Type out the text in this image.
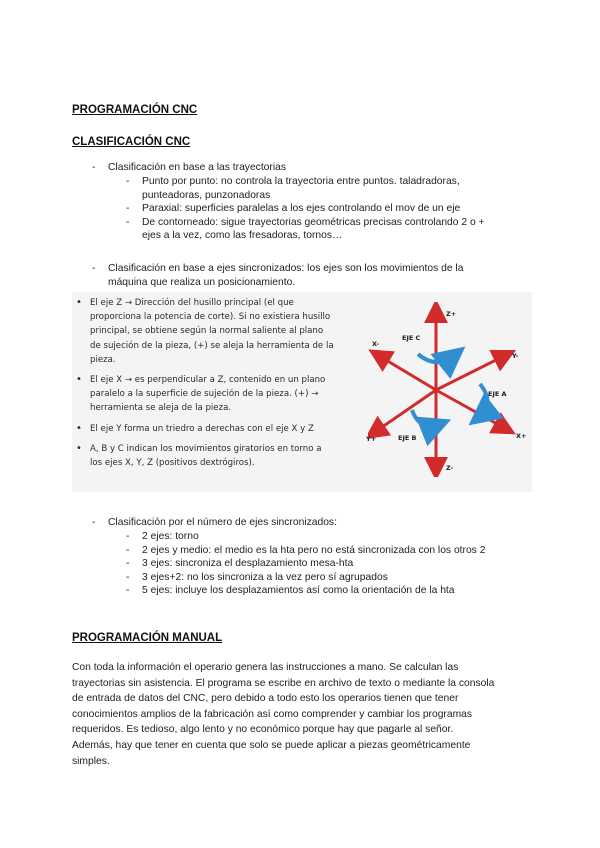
PROGRAMACIÓN CNC

CLASIFICACIÓN CNC

- Clasificación en base a las trayectorias
- Punto por punto: no controla la trayectoria entre puntos. taladradoras,
punteadoras, punzonadoras
- Paraxial: superficies paralelas a los ejes controlando el mov de un eje
- De contorneado: sigue trayectorias geométricas precisas controlando 2 o +
ejes a la vez, como las fresadoras, tornos…
- Clasificación en base a ejes sincronizados: los ejes son los movimientos de la
máquina que realiza un posicionamiento.
• El eje Z → Dirección del husillo principal (el que
proporciona la potencia de corte). Si no existiera husillo
principal, se obtiene según la normal saliente al plano
de sujeción de la pieza, (+) se aleja la herramienta de la
pieza.
• El eje X → es perpendicular a Z, contenido en un plano
paralelo a la superficie de sujeción de la pieza. (+) →
herramienta se aleja de la pieza.
• El eje Y forma un triedro a derechas con el eje X y Z
• A, B y C indican los movimientos giratorios en torno a
los ejes X, Y, Z (positivos dextrógiros).
Z+
Z-
X+
X-
Y+
Y-
EJE A
EJE B
EJE C
- Clasificación por el número de ejes sincronizados:
- 2 ejes: torno
- 2 ejes y medio: el medio es la hta pero no está sincronizada con los otros 2
- 3 ejes: sincroniza el desplazamiento mesa-hta
- 3 ejes+2: no los sincroniza a la vez pero sí agrupados
- 5 ejes: incluye los desplazamientos así como la orientación de la hta

PROGRAMACIÓN MANUAL

Con toda la información el operario genera las instrucciones a mano. Se calculan las
trayectorias sin asistencia. El programa se escribe en archivo de texto o mediante la consola
de entrada de datos del CNC, pero debido a todo esto los operarios tienen que tener
conocimientos amplios de la fabricación así como comprender y cambiar los programas
requeridos. Es tedioso, algo lento y no económico porque hay que pagarle al señor.
Además, hay que tener en cuenta que solo se puede aplicar a piezas geométricamente
simples.
